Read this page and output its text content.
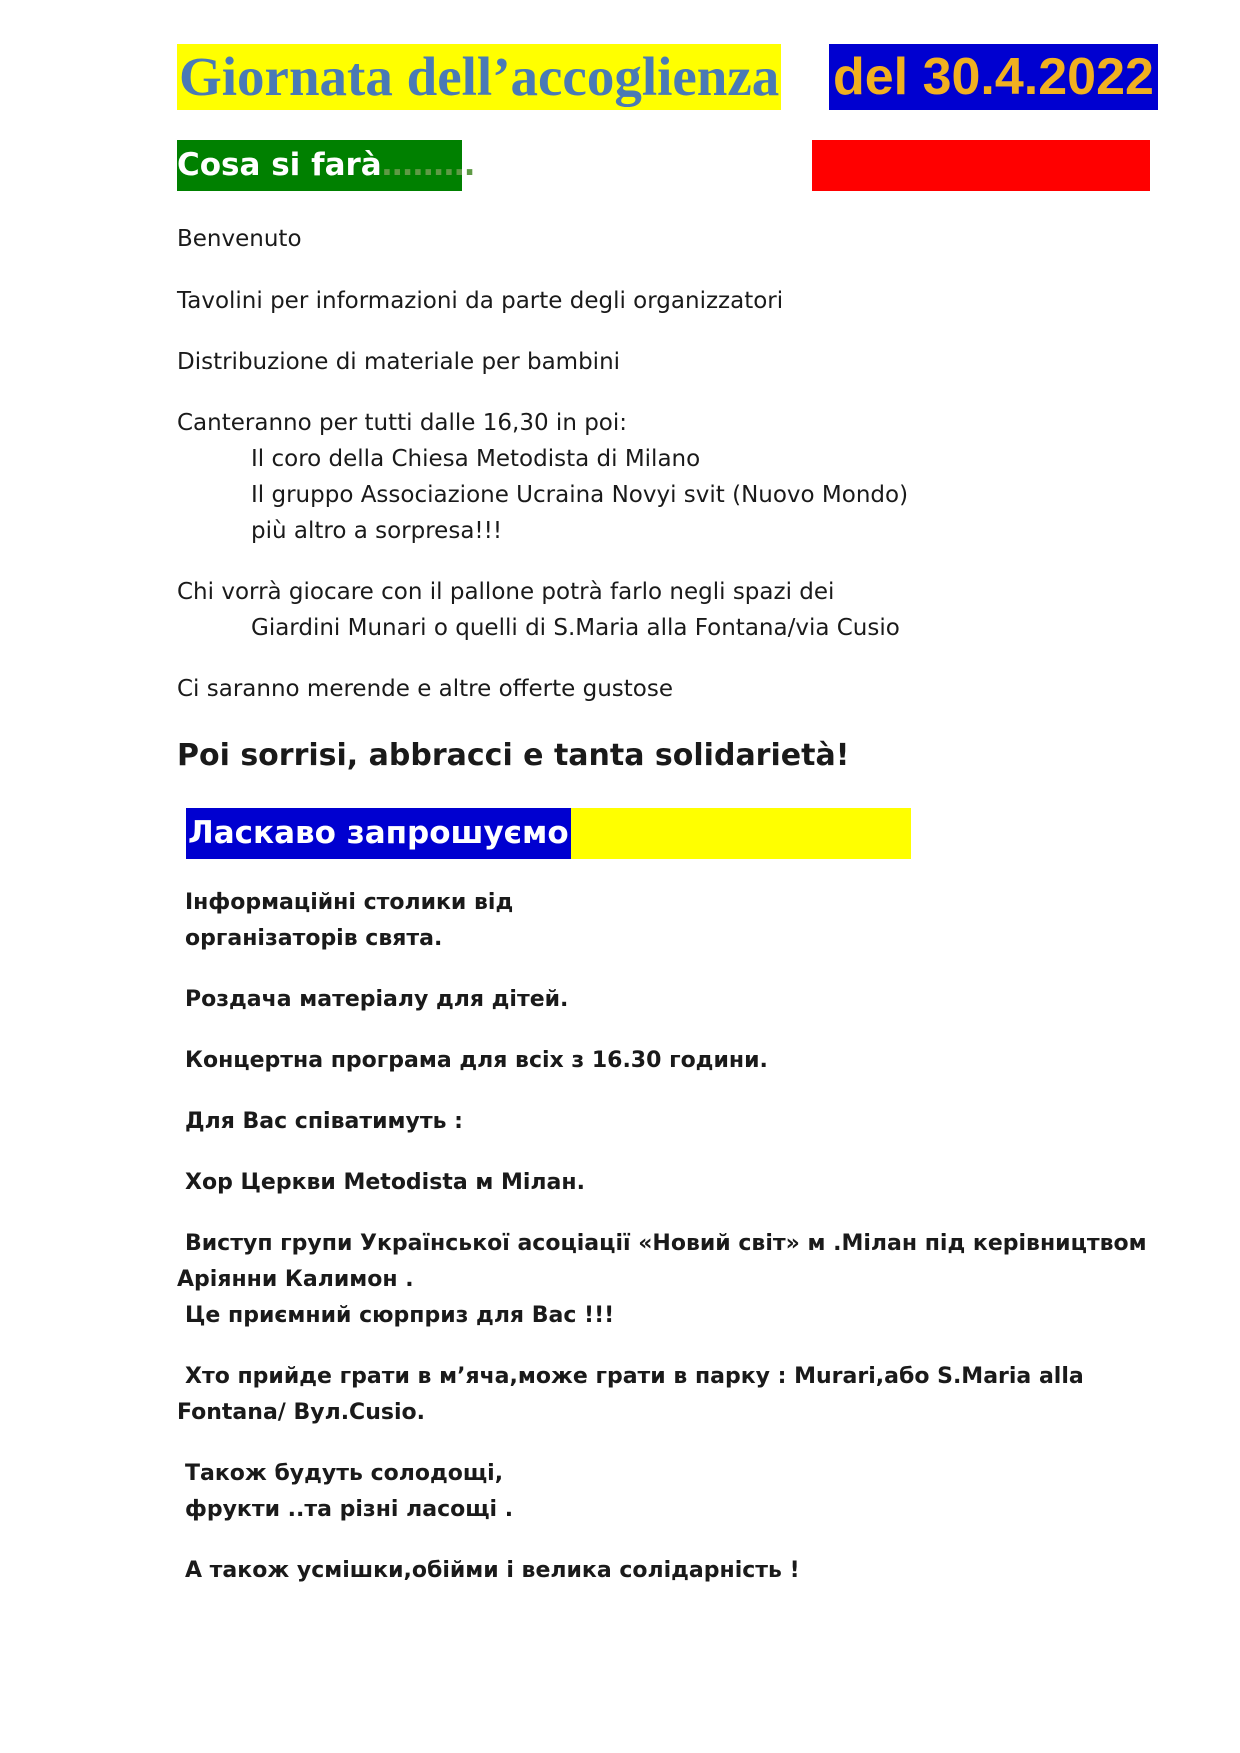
Giornata dell’accoglienza del 30.4.2022
Cosa si farà………
Benvenuto
Tavolini per informazioni da parte degli organizzatori
Distribuzione di materiale per bambini
Canteranno per tutti dalle 16,30 in poi:
Il coro della Chiesa Metodista di Milano
Il gruppo Associazione Ucraina Novyi svit (Nuovo Mondo)
più altro a sorpresa!!!
Chi vorrà giocare con il pallone potrà farlo negli spazi dei
Giardini Munari o quelli di S.Maria alla Fontana/via Cusio
Ci saranno merende e altre offerte gustose
Poi sorrisi, abbracci e tanta solidarietà!
Ласкаво запрошуємо
Інформаційні столики від
організаторів свята.
Роздача матеріалу для дітей.
Концертна програма для всіх з 16.30 години.
Для Вас співатимуть :
Хор Церкви Metodista м Мілан.
Виступ групи Української асоціації «Новий світ» м .Мілан під керівництвом
Арiянни Калимон .
Це приємний сюрприз для Вас !!!
Хто прийде грати в м’яча,може грати в парку : Murari,або S.Maria alla
Fontana/ Вул.Cusio.
Також будуть солодощі,
фрукти ..та різні ласощі .
А також усмішки,обійми і велика солідарність !
